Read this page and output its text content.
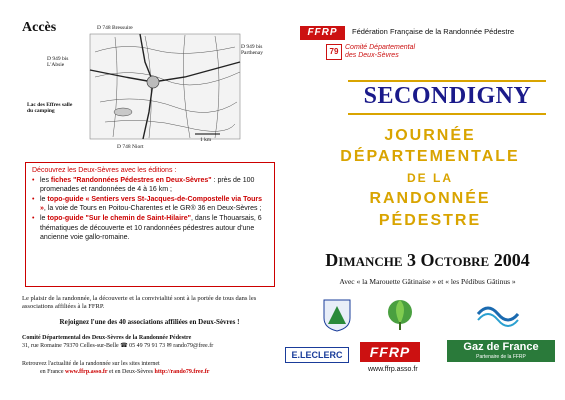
Accès	D 748 Bressuire
D 949 bis L'Absie
D 949 bis Parthenay
D 748 Niort
Lac des Effres salle du camping
1 km
Découvrez les Deux-Sèvres avec les éditions :
• les fiches "Randonnées Pédestres en Deux-Sèvres" : près de 100 promenades et randonnées de 4 à 16 km ;
• le topo-guide « Sentiers vers St-Jacques-de-Compostelle via Tours », la voie de Tours en Poitou-Charentes et le GR® 36 en Deux-Sèvres ;
• le topo-guide "Sur le chemin de Saint-Hilaire", dans le Thouarsais, 6 thématiques de découverte et 10 randonnées pédestres autour d'une ancienne voie gallo-romaine.
Le plaisir de la randonnée, la découverte et la convivialité sont à la portée de tous dans les associations affiliées à la FFRP.
Rejoignez l'une des 40 associations affiliées en Deux-Sèvres !
Comité Départemental des Deux-Sèvres de la Randonnée Pédestre
31, rue Romaine 79370 Celles-sur-Belle ☎ 05 49 79 91 73 ✉ rando79@free.fr
Retrouvez l'actualité de la randonnée sur les sites internet
en France www.ffrp.asso.fr et en Deux-Sèvres http://rando79.free.fr
FFRP	Fédération Française de la Randonnée Pédestre
79 Comité Départemental
des Deux-Sèvres
SECONDIGNY
JOURNÉE
DÉPARTEMENTALE
DE LA
RANDONNÉE
PÉDESTRE
Dimanche 3 Octobre 2004
Avec « la Marouette Gâtinaise » et « les Pédibus Gâtinus »
E.LECLERC	FFRP
www.ffrp.asso.fr
Gaz de France
Partenaire de la FFRP
